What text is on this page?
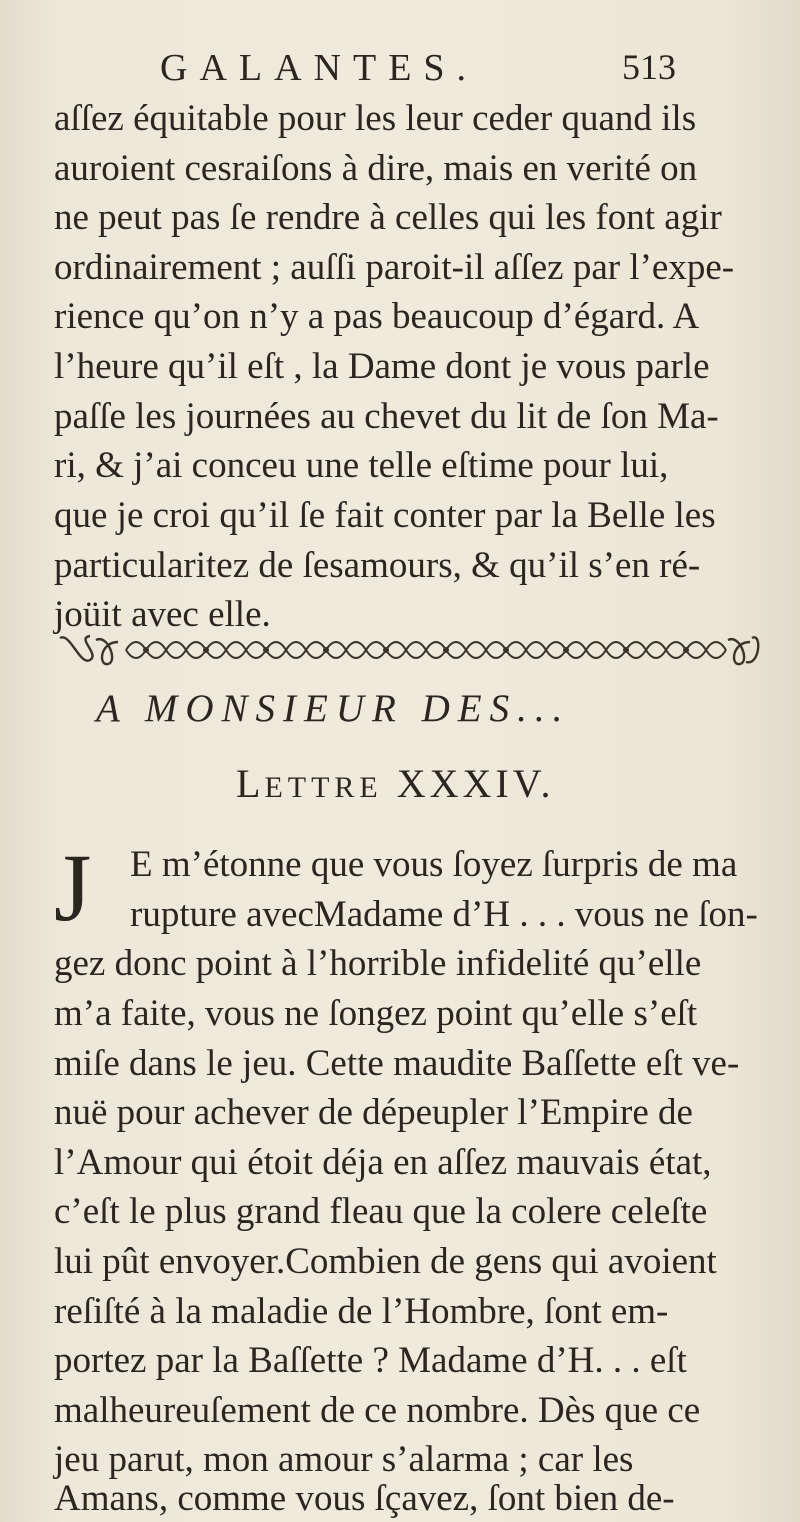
GALANTES.	513
aſſez équitable pour les leur ceder quand ils
auroient cesraiſons à dire, mais en verité on
ne peut pas ſe rendre à celles qui les font agir
ordinairement ; auſſi paroit-il aſſez par l’expe-
rience qu’on n’y a pas beaucoup d’égard. A
l’heure qu’il eſt , la Dame dont je vous parle
paſſe les journées au chevet du lit de ſon Ma-
ri, & j’ai conceu une telle eſtime pour lui,
que je croi qu’il ſe fait conter par la Belle les
particularitez de ſesamours, & qu’il s’en ré-
joüit avec elle.
A MONSIEUR DES...
LETTRE XXXIV.
J E m’étonne que vous ſoyez ſurpris de ma
rupture avecMadame d’H . . . vous ne ſon-
gez donc point à l’horrible infidelité qu’elle
m’a faite, vous ne ſongez point qu’elle s’eſt
miſe dans le jeu. Cette maudite Baſſette eſt ve-
nuë pour achever de dépeupler l’Empire de
l’Amour qui étoit déja en aſſez mauvais état,
c’eſt le plus grand fleau que la colere celeſte
lui pût envoyer.Combien de gens qui avoient
reſiſté à la maladie de l’Hombre, ſont em-
portez par la Baſſette ? Madame d’H. . . eſt
malheureuſement de ce nombre. Dès que ce
jeu parut, mon amour s’alarma ; car les
Amans, comme vous ſçavez, ſont bien de-
